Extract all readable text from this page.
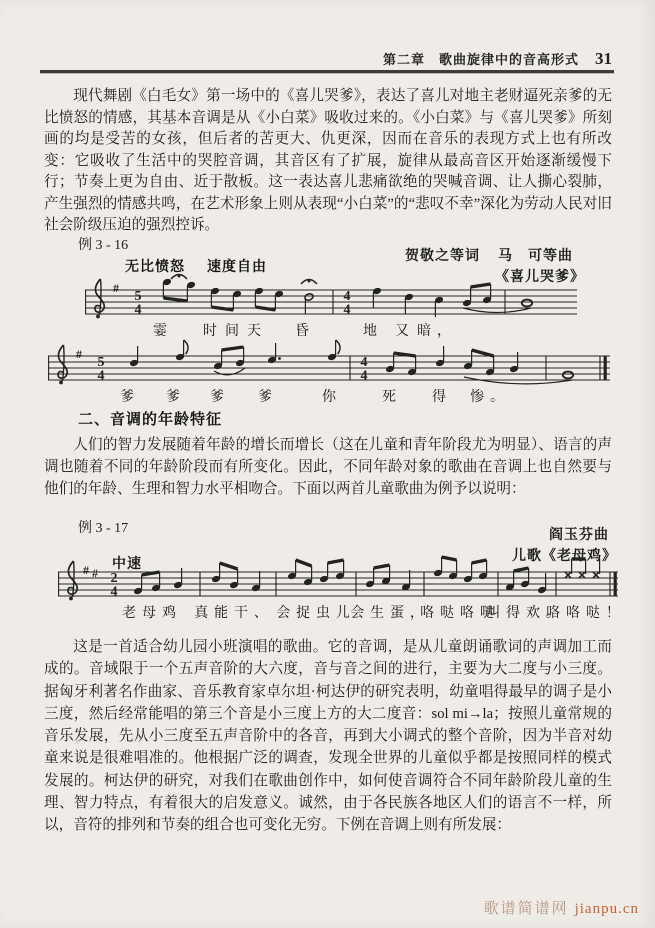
第二章 歌曲旋律中的音高形式 31

现代舞剧《白毛女》第一场中的《喜儿哭爹》，表达了喜儿对地主老财逼死亲爹的无比愤怒的情感，其基本音调是从《小白菜》吸收过来的。《小白菜》与《喜儿哭爹》所刻画的均是受苦的女孩，但后者的苦更大、仇更深，因而在音乐的表现方式上也有所改变：它吸收了生活中的哭腔音调，其音区有了扩展，旋律从最高音区开始逐渐缓慢下行；节奏上更为自由、近于散板。这一表达喜儿悲痛欲绝的哭喊音调、让人撕心裂肺，产生强烈的情感共鸣，在艺术形象上则从表现“小白菜”的“悲叹不幸”深化为劳动人民对旧社会阶级压迫的强烈控诉。

例 3 - 16
无比愤怒 速度自由
贺敬之等词 马　可等曲
《喜儿哭爹》
二、音调的年龄特征

人们的智力发展随着年龄的增长而增长（这在儿童和青年阶段尤为明显）、语言的声调也随着不同的年龄阶段而有所变化。因此，不同年龄对象的歌曲在音调上也自然要与他们的年龄、生理和智力水平相吻合。下面以两首儿童歌曲为例予以说明：

例 3 - 17	阎玉芬曲
儿歌《老母鸡》
中速
#
5
4
4
4
霎 时 间 天 昏	地 又 暗，
#
5
4
4
4
爹 爹 爹 爹	你	死 得 惨。
# # 2
4
老母鸡 真能干、 会捉虫儿
会生蛋，
咯哒咯哒
叫得欢。
咯咯哒！

这是一首适合幼儿园小班演唱的歌曲。它的音调，是从儿童朗诵歌词的声调加工而成的。音域限于一个五声音阶的大六度，音与音之间的进行，主要为大二度与小三度。据匈牙利著名作曲家、音乐教育家卓尔坦·柯达伊的研究表明，幼童唱得最早的调子是小三度，然后经常能唱的第三个音是小三度上方的大二度音：sol mi→la；按照儿童常规的音乐发展，先从小三度至五声音阶中的各音，再到大小调式的整个音阶，因为半音对幼童来说是很难唱准的。他根据广泛的调查，发现全世界的儿童似乎都是按照同样的模式发展的。柯达伊的研究，对我们在歌曲创作中，如何使音调符合不同年龄阶段儿童的生理、智力特点，有着很大的启发意义。诚然，由于各民族各地区人们的语言不一样，所以，音符的排列和节奏的组合也可变化无穷。下例在音调上则有所发展：

歌谱简谱网 jianpu.cn
